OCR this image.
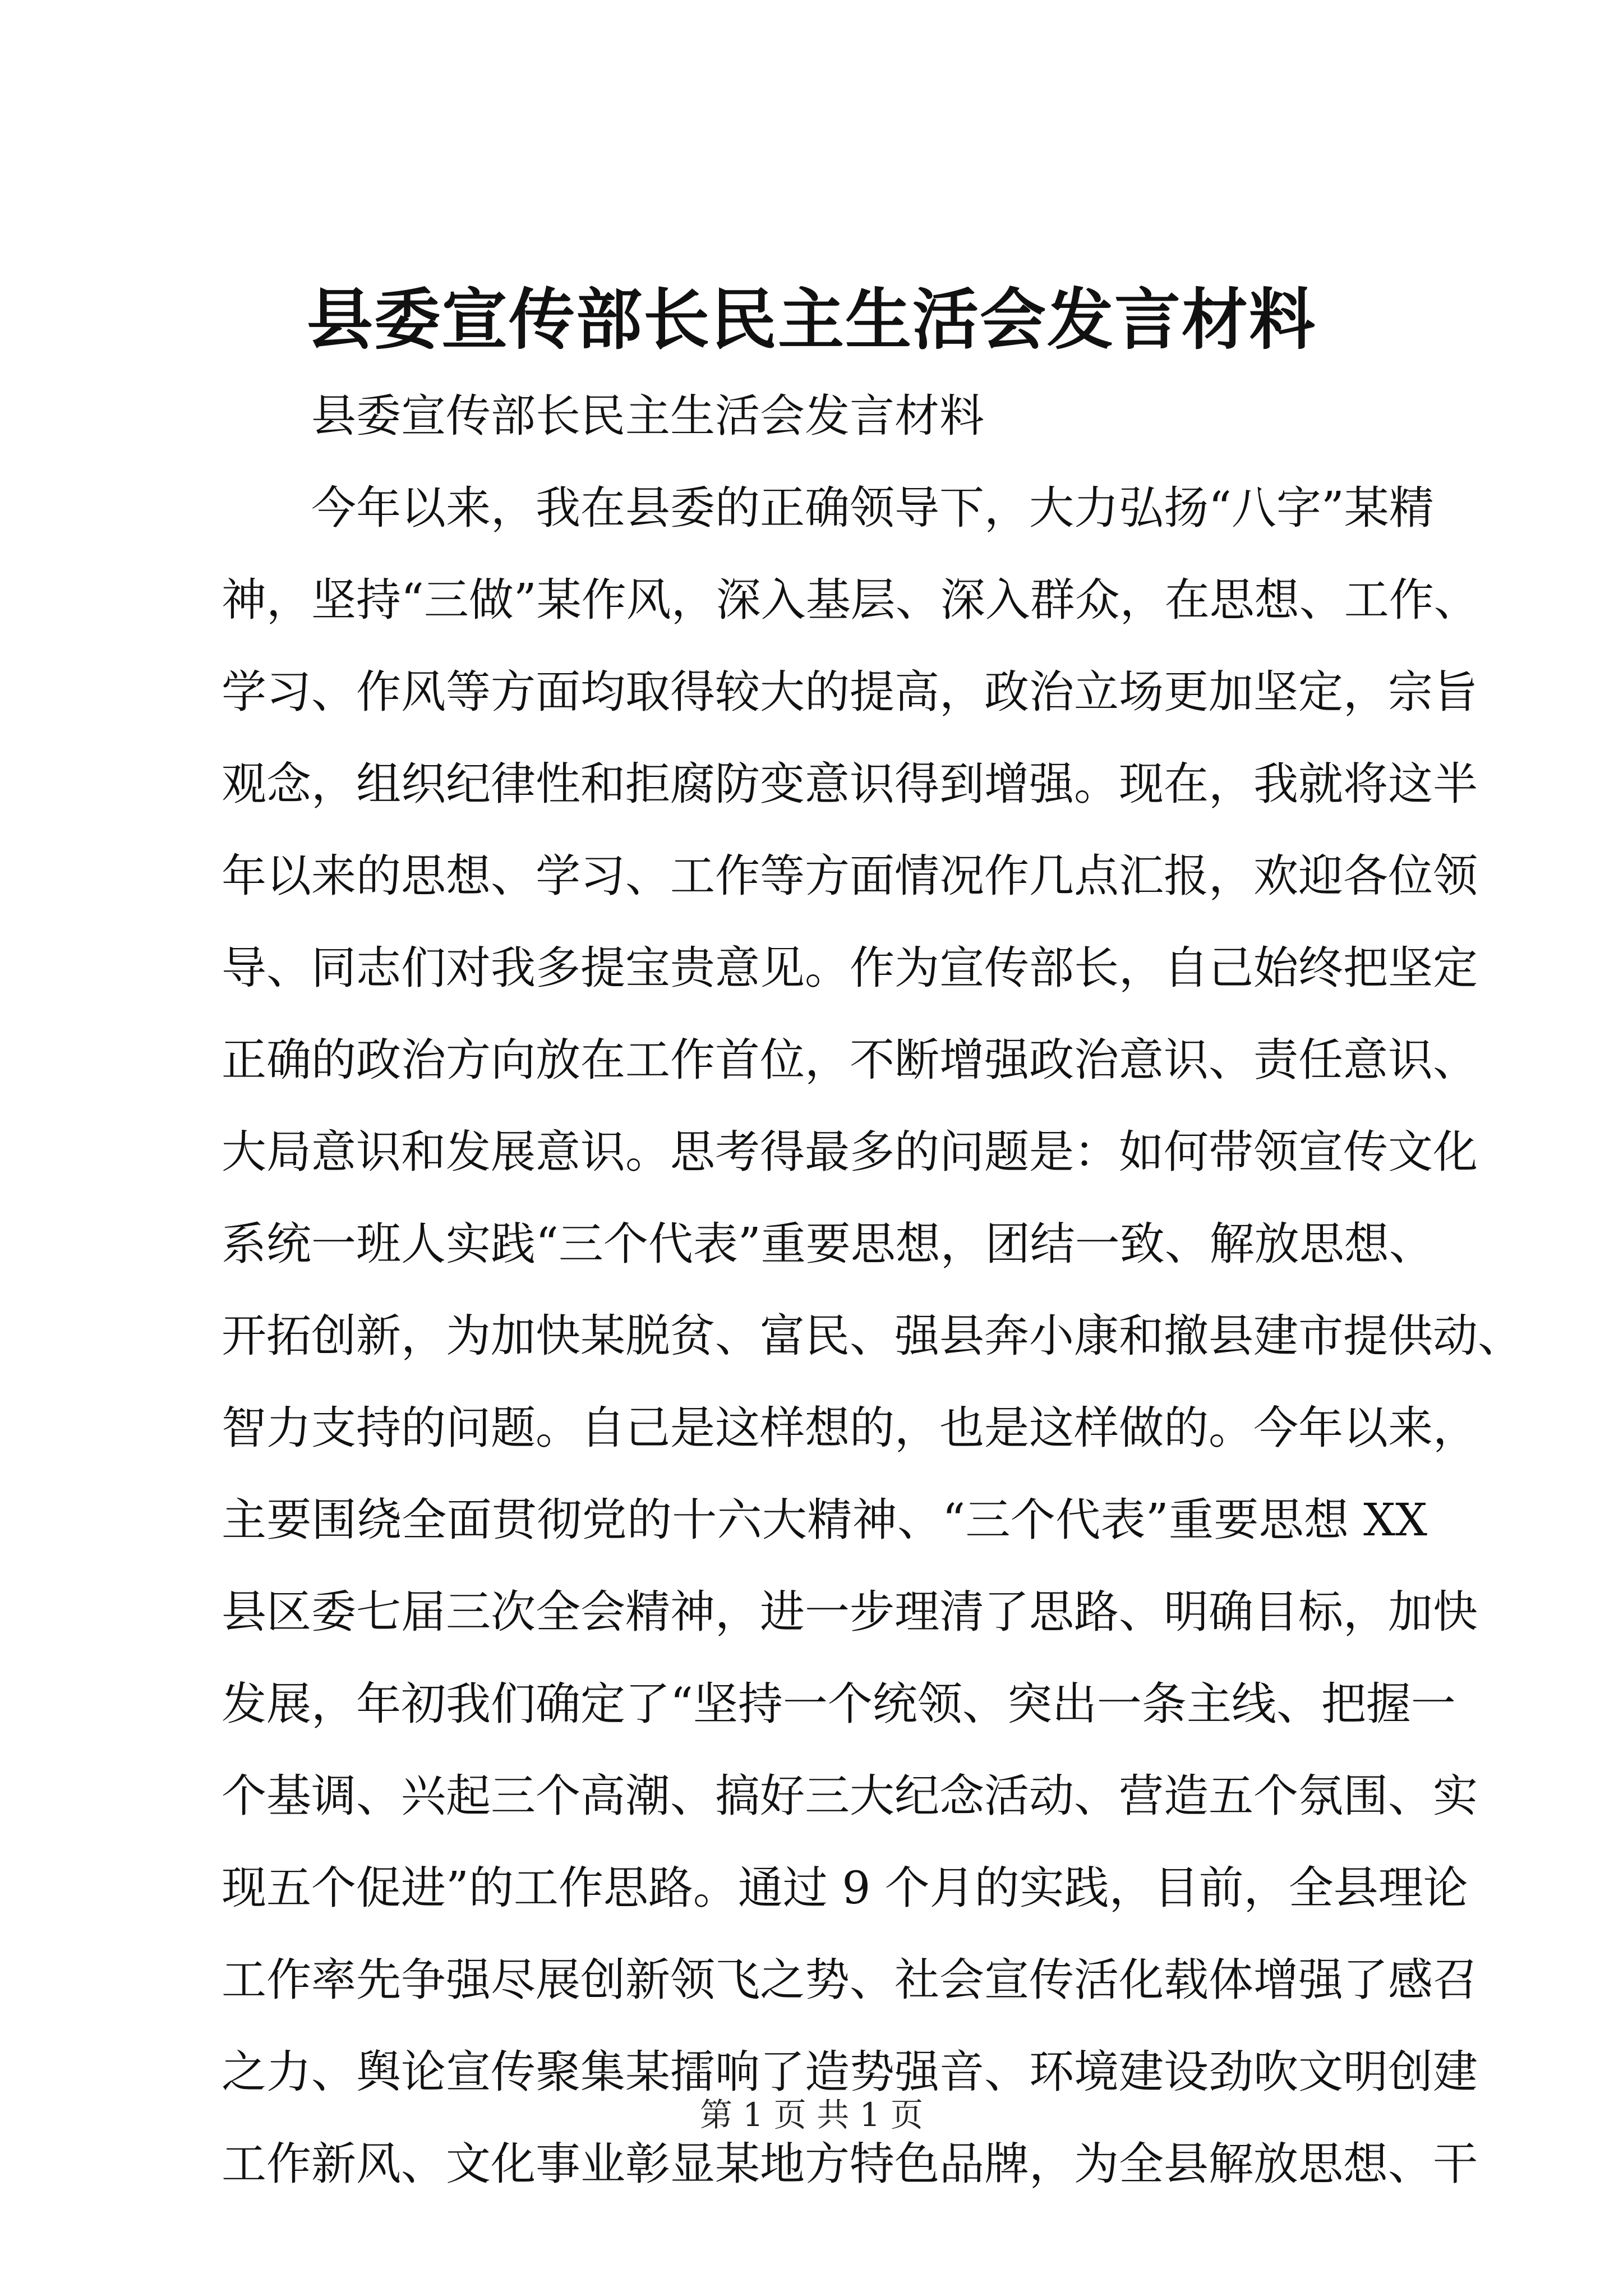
县委宣传部长民主生活会发言材料
县委宣传部长民主生活会发言材料
今年以来，我在县委的正确领导下，大力弘扬“八字”某精
神，坚持“三做”某作风，深入基层、深入群众，在思想、工作、
学习、作风等方面均取得较大的提高，政治立场更加坚定，宗旨
观念，组织纪律性和拒腐防变意识得到增强。现在，我就将这半
年以来的思想、学习、工作等方面情况作几点汇报，欢迎各位领
导、同志们对我多提宝贵意见。作为宣传部长，自己始终把坚定
正确的政治方向放在工作首位，不断增强政治意识、责任意识、
大局意识和发展意识。思考得最多的问题是：如何带领宣传文化
系统一班人实践“三个代表”重要思想，团结一致、解放思想、
开拓创新，为加快某脱贫、富民、强县奔小康和撤县建市提供动、
智力支持的问题。自己是这样想的，也是这样做的。今年以来，
主要围绕全面贯彻党的十六大精神、“三个代表”重要思想 XX
县区委七届三次全会精神，进一步理清了思路、明确目标，加快
发展，年初我们确定了“坚持一个统领、突出一条主线、把握一
个基调、兴起三个高潮、搞好三大纪念活动、营造五个氛围、实
现五个促进”的工作思路。通过 9 个月的实践，目前，全县理论
工作率先争强尽展创新领飞之势、社会宣传活化载体增强了感召
之力、舆论宣传聚集某擂响了造势强音、环境建设劲吹文明创建
工作新风、文化事业彰显某地方特色品牌，为全县解放思想、干
第 1 页 共 1 页
